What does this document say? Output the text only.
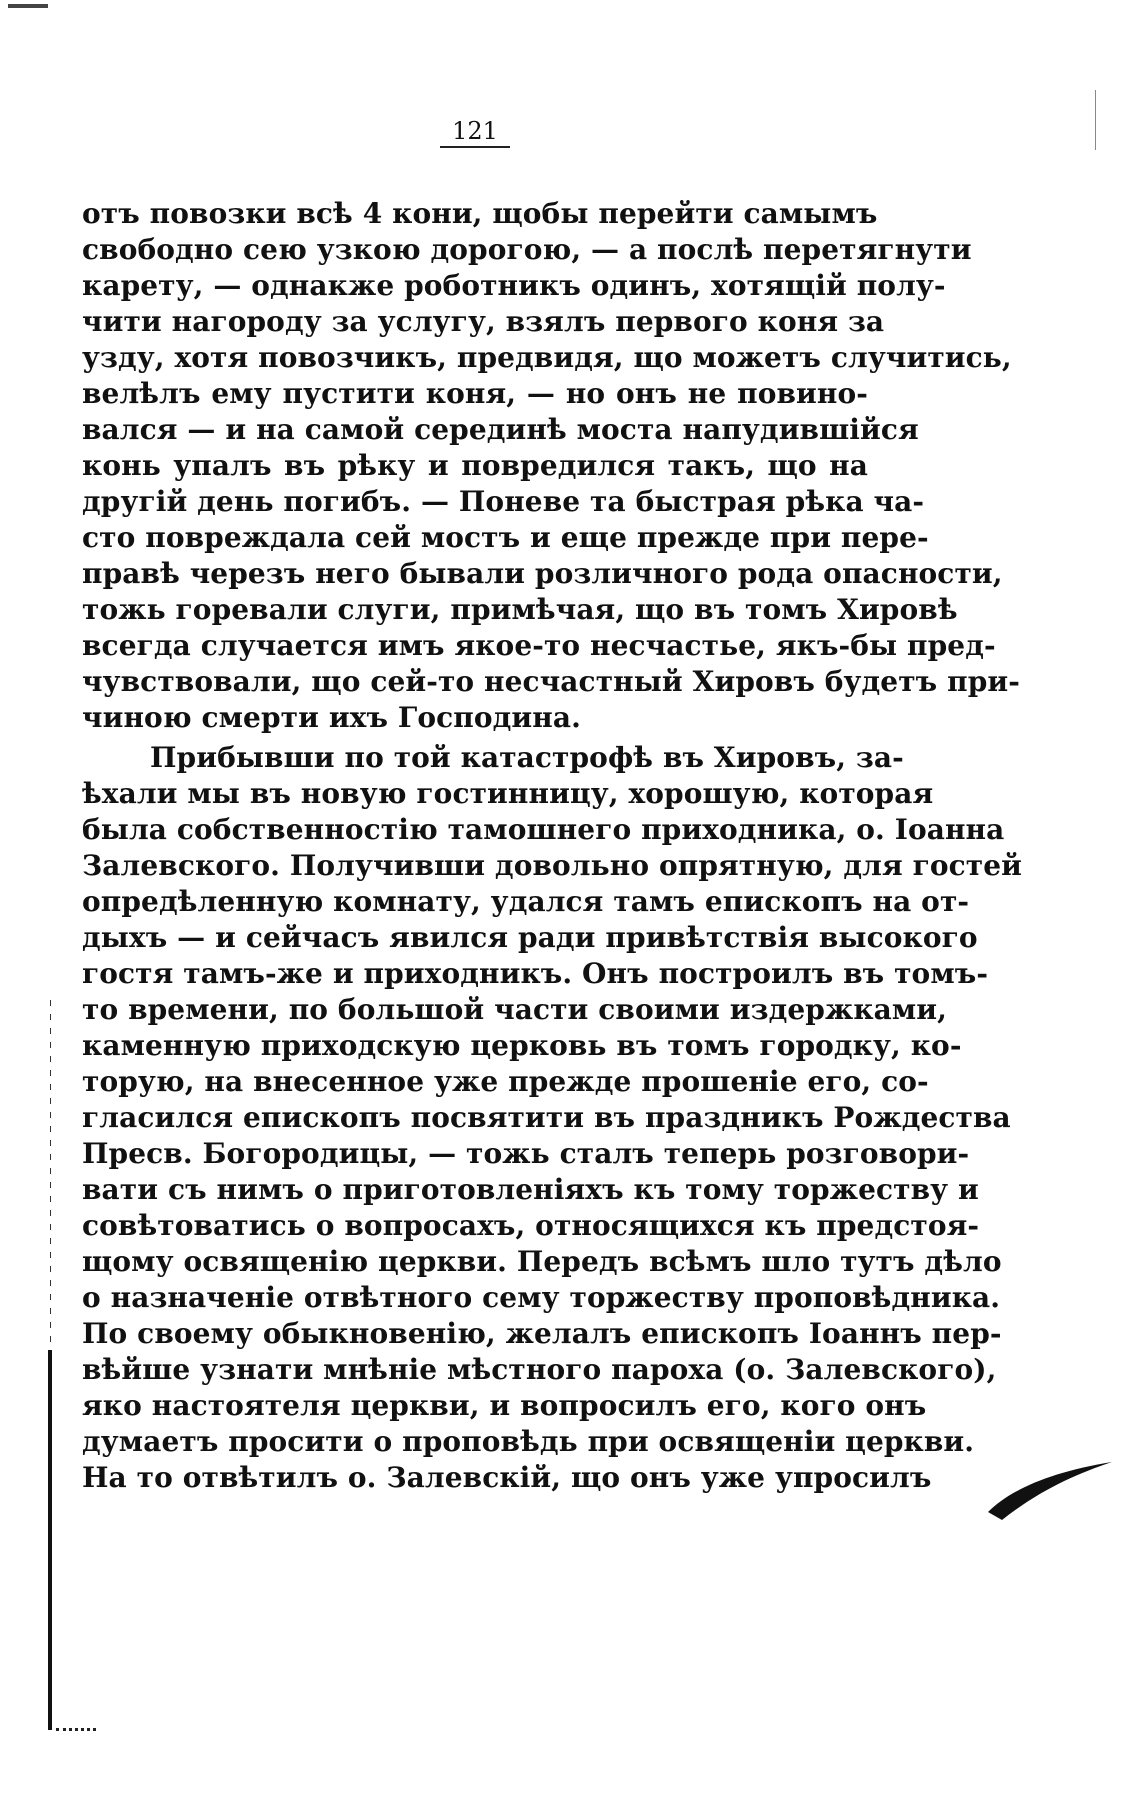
121
отъ повозки всѣ 4 кони, щобы перейти самымъ
свободно сею узкою дорогою, — а послѣ перетягнути
карету, — однакже роботникъ одинъ, хотящій полу-
чити нагороду за услугу, взялъ первого коня за
узду, хотя повозчикъ, предвидя, що можетъ случитись,
велѣлъ ему пустити коня, — но онъ не повино-
вался — и на самой серединѣ моста напудившійся
конь упалъ въ рѣку и повредился такъ, що на
другій день погибъ. — Поневе та быстрая рѣка ча-
сто повреждала сей мостъ и еще прежде при пере-
правѣ черезъ него бывали розличного рода опасности,
тожь горевали слуги, примѣчая, що въ томъ Хировѣ
всегда случается имъ якое-то несчастье, якъ-бы пред-
чувствовали, що сей-то несчастный Хировъ будетъ при-
чиною смерти ихъ Господина.
Прибывши по той катастрофѣ въ Хировъ, за-
ѣхали мы въ новую гостинницу, хорошую, которая
была собственностію тамошнего приходника, о. Іоанна
Залевского. Получивши довольно опрятную, для гостей
опредѣленную комнату, удался тамъ епископъ на от-
дыхъ — и сейчасъ явился ради привѣтствія высокого
гостя тамъ-же и приходникъ. Онъ построилъ въ томъ-
то времени, по большой части своими издержками,
каменную приходскую церковь въ томъ городку, ко-
торую, на внесенное уже прежде прошеніе его, со-
гласился епископъ посвятити въ праздникъ Рождества
Пресв. Богородицы, — тожь сталъ теперь розговори-
вати съ нимъ о приготовленіяхъ къ тому торжеству и
совѣтоватись о вопросахъ, относящихся къ предстоя-
щому освященію церкви. Передъ всѣмъ шло тутъ дѣло
о назначеніе отвѣтного сему торжеству проповѣдника.
По своему обыкновенію, желалъ епископъ Іоаннъ пер-
вѣйше узнати мнѣніе мѣстного пароха (о. Залевского),
яко настоятеля церкви, и вопросилъ его, кого онъ
думаетъ просити о проповѣдь при освященіи церкви.
На то отвѣтилъ о. Залевскій, що онъ уже упросилъ
